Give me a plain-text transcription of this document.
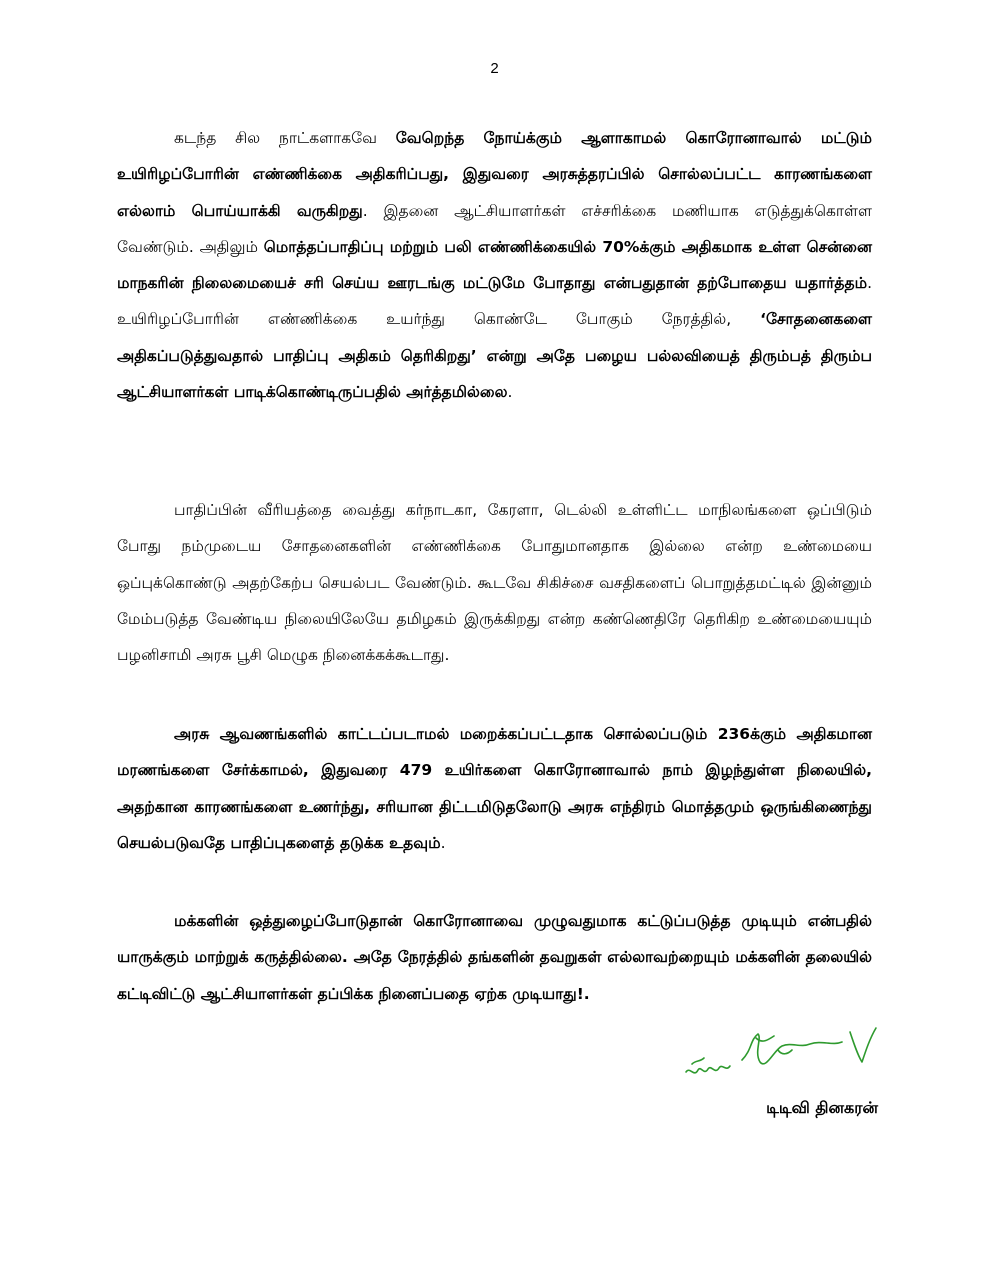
2

கடந்த சில நாட்களாகவே வேறெந்த நோய்க்கும் ஆளாகாமல் கொரோனாவால் மட்டும் உயிரிழப்போரின் எண்ணிக்கை அதிகரிப்பது, இதுவரை அரசுத்தரப்பில் சொல்லப்பட்ட காரணங்களை எல்லாம் பொய்யாக்கி வருகிறது. இதனை ஆட்சியாளர்கள் எச்சரிக்கை மணியாக எடுத்துக்கொள்ள வேண்டும். அதிலும் மொத்தப்பாதிப்பு மற்றும் பலி எண்ணிக்கையில் 70%க்கும் அதிகமாக உள்ள சென்னை மாநகரின் நிலைமையைச் சரி செய்ய ஊரடங்கு மட்டுமே போதாது என்பதுதான் தற்போதைய யதார்த்தம். உயிரிழப்போரின் எண்ணிக்கை உயர்ந்து கொண்டே போகும் நேரத்தில், ‘சோதனைகளை அதிகப்படுத்துவதால் பாதிப்பு அதிகம் தெரிகிறது’ என்று அதே பழைய பல்லவியைத் திரும்பத் திரும்ப ஆட்சியாளர்கள் பாடிக்கொண்டிருப்பதில் அர்த்தமில்லை.

பாதிப்பின் வீரியத்தை வைத்து கர்நாடகா, கேரளா, டெல்லி உள்ளிட்ட மாநிலங்களை ஒப்பிடும் போது நம்முடைய சோதனைகளின் எண்ணிக்கை போதுமானதாக இல்லை என்ற உண்மையை ஒப்புக்கொண்டு அதற்கேற்ப செயல்பட வேண்டும். கூடவே சிகிச்சை வசதிகளைப் பொறுத்தமட்டில் இன்னும் மேம்படுத்த வேண்டிய நிலையிலேயே தமிழகம் இருக்கிறது என்ற கண்ணெதிரே தெரிகிற உண்மையையும் பழனிசாமி அரசு பூசி மெழுக நினைக்கக்கூடாது.

அரசு ஆவணங்களில் காட்டப்படாமல் மறைக்கப்பட்டதாக சொல்லப்படும் 236க்கும் அதிகமான மரணங்களை சேர்க்காமல், இதுவரை 479 உயிர்களை கொரோனாவால் நாம் இழந்துள்ள நிலையில், அதற்கான காரணங்களை உணர்ந்து, சரியான திட்டமிடுதலோடு அரசு எந்திரம் மொத்தமும் ஒருங்கிணைந்து செயல்படுவதே பாதிப்புகளைத் தடுக்க உதவும்.

மக்களின் ஒத்துழைப்போடுதான் கொரோனாவை முழுவதுமாக கட்டுப்படுத்த முடியும் என்பதில் யாருக்கும் மாற்றுக் கருத்தில்லை. அதே நேரத்தில் தங்களின் தவறுகள் எல்லாவற்றையும் மக்களின் தலையில் கட்டிவிட்டு ஆட்சியாளர்கள் தப்பிக்க நினைப்பதை ஏற்க முடியாது!.

டிடிவி தினகரன்
